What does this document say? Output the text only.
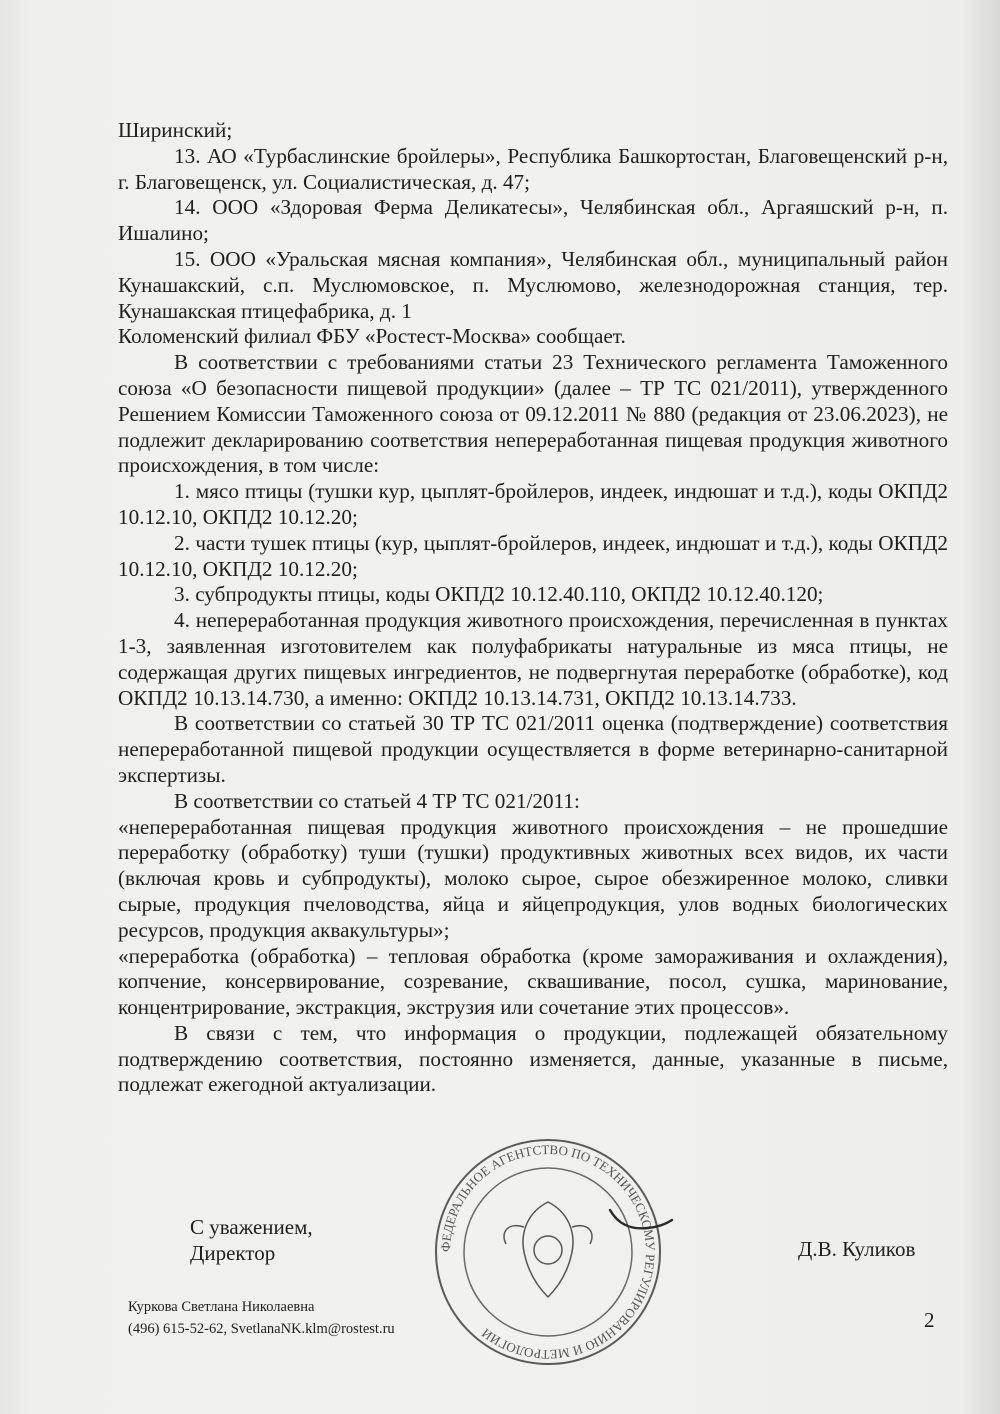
Ширинский;

13. АО «Турбаслинские бройлеры», Республика Башкортостан, Благовещенский р-н, г. Благовещенск, ул. Социалистическая, д. 47;

14. ООО «Здоровая Ферма Деликатесы», Челябинская обл., Аргаяшский р-н, п. Ишалино;

15. ООО «Уральская мясная компания», Челябинская обл., муниципальный район Кунашакский, с.п. Муслюмовское, п. Муслюмово, железнодорожная станция, тер. Кунашакская птицефабрика, д. 1

Коломенский филиал ФБУ «Ростест-Москва» сообщает.

В соответствии с требованиями статьи 23 Технического регламента Таможенного союза «О безопасности пищевой продукции» (далее – ТР ТС 021/2011), утвержденного Решением Комиссии Таможенного союза от 09.12.2011 № 880 (редакция от 23.06.2023), не подлежит декларированию соответствия непереработанная пищевая продукция животного происхождения, в том числе:

1. мясо птицы (тушки кур, цыплят-бройлеров, индеек, индюшат и т.д.), коды ОКПД2 10.12.10, ОКПД2 10.12.20;

2. части тушек птицы (кур, цыплят-бройлеров, индеек, индюшат и т.д.), коды ОКПД2 10.12.10, ОКПД2 10.12.20;

3. субпродукты птицы, коды ОКПД2 10.12.40.110, ОКПД2 10.12.40.120;

4. непереработанная продукция животного происхождения, перечисленная в пунктах 1-3, заявленная изготовителем как полуфабрикаты натуральные из мяса птицы, не содержащая других пищевых ингредиентов, не подвергнутая переработке (обработке), код ОКПД2 10.13.14.730, а именно: ОКПД2 10.13.14.731, ОКПД2 10.13.14.733.

В соответствии со статьей 30 ТР ТС 021/2011 оценка (подтверждение) соответствия непереработанной пищевой продукции осуществляется в форме ветеринарно-санитарной экспертизы.

В соответствии со статьей 4 ТР ТС 021/2011:

«непереработанная пищевая продукция животного происхождения – не прошедшие переработку (обработку) туши (тушки) продуктивных животных всех видов, их части (включая кровь и субпродукты), молоко сырое, сырое обезжиренное молоко, сливки сырые, продукция пчеловодства, яйца и яйцепродукция, улов водных биологических ресурсов, продукция аквакультуры»;

«переработка (обработка) – тепловая обработка (кроме замораживания и охлаждения), копчение, консервирование, созревание, сквашивание, посол, сушка, маринование, концентрирование, экстракция, экструзия или сочетание этих процессов».

В связи с тем, что информация о продукции, подлежащей обязательному подтверждению соответствия, постоянно изменяется, данные, указанные в письме, подлежат ежегодной актуализации.

ФЕДЕРАЛЬНОЕ АГЕНТСТВО ПО ТЕХНИЧЕСКОМУ РЕГУЛИРОВАНИЮ И МЕТРОЛОГИИ
С уважением,
Директор	Д.В. Куликов
Куркова Светлана Николаевна
(496) 615-52-62, SvetlanaNK.klm@rostest.ru	2
